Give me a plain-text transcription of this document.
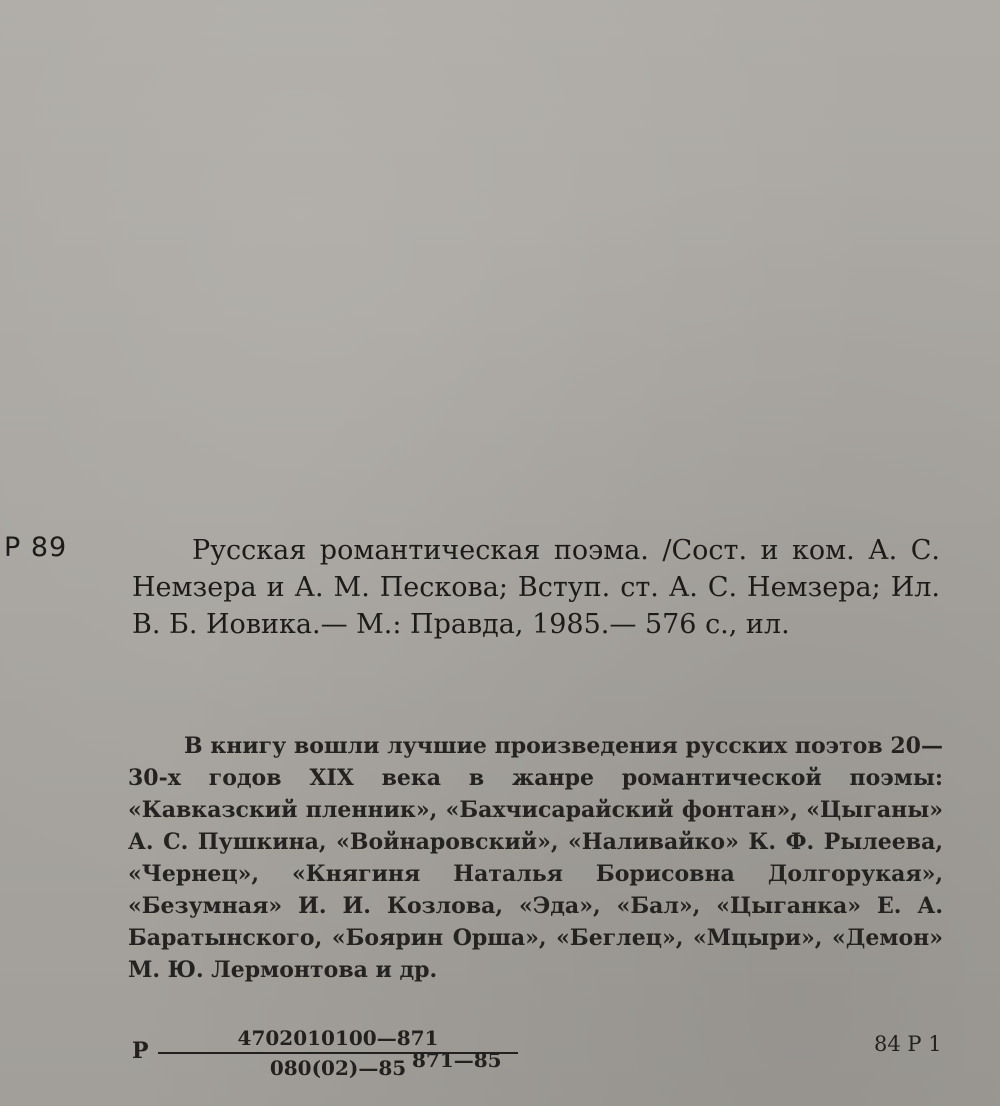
Р 89	Русская романтическая поэма. /Сост. и ком. А. С. Немзера и А. М. Пескова; Вступ. ст. А. С. Немзера; Ил. В. Б. Иовика.— М.: Правда, 1985.— 576 с., ил.

В книгу вошли лучшие произведения русских поэтов 20—30-х годов XIX века в жанре романтической поэмы: «Кавказский пленник», «Бахчисарайский фонтан», «Цыганы» А. С. Пушкина, «Войнаровский», «Наливайко» К. Ф. Рылеева, «Чернец», «Княгиня Наталья Борисовна Долгорукая», «Безумная» И. И. Козлова, «Эда», «Бал», «Цыганка» Е. А. Баратынского, «Боярин Орша», «Беглец», «Мцыри», «Демон» М. Ю. Лермонтова и др.

Р $\frac{4702010100—871}{080(02)—85}$
871—85
84 Р 1
